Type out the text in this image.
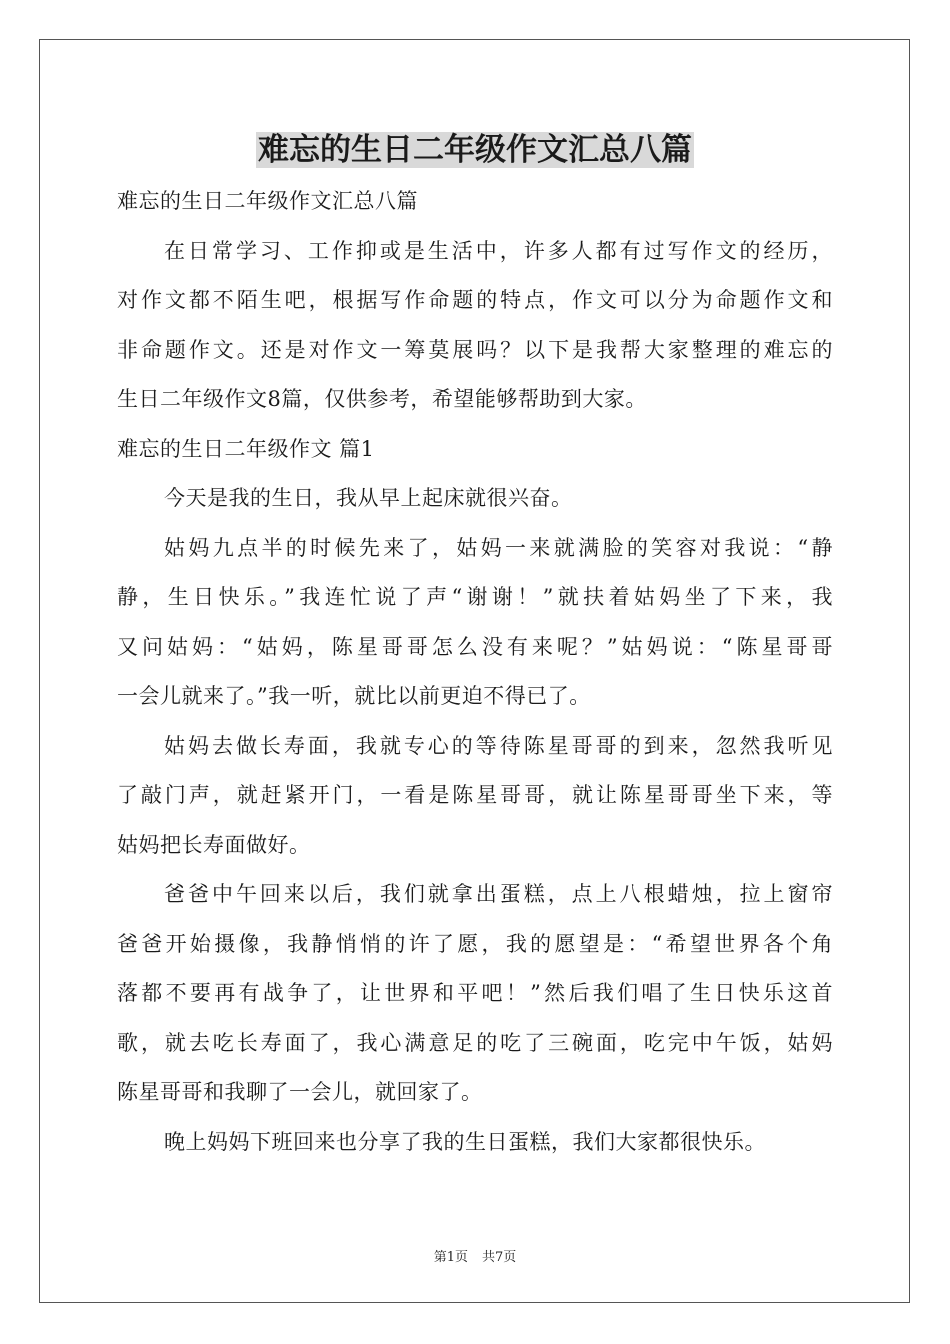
难忘的生日二年级作文汇总八篇

难忘的生日二年级作文汇总八篇

在日常学习、工作抑或是生活中，许多人都有过写作文的经历，

对作文都不陌生吧，根据写作命题的特点，作文可以分为命题作文和

非命题作文。还是对作文一筹莫展吗？以下是我帮大家整理的难忘的

生日二年级作文8篇，仅供参考，希望能够帮助到大家。

难忘的生日二年级作文 篇1

今天是我的生日，我从早上起床就很兴奋。

姑妈九点半的时候先来了，姑妈一来就满脸的笑容对我说：“静

静，生日快乐。”我连忙说了声“谢谢！”就扶着姑妈坐了下来，我

又问姑妈：“姑妈，陈星哥哥怎么没有来呢？”姑妈说：“陈星哥哥

一会儿就来了。”我一听，就比以前更迫不得已了。

姑妈去做长寿面，我就专心的等待陈星哥哥的到来，忽然我听见

了敲门声，就赶紧开门，一看是陈星哥哥，就让陈星哥哥坐下来，等

姑妈把长寿面做好。

爸爸中午回来以后，我们就拿出蛋糕，点上八根蜡烛，拉上窗帘

爸爸开始摄像，我静悄悄的许了愿，我的愿望是：“希望世界各个角

落都不要再有战争了，让世界和平吧！”然后我们唱了生日快乐这首

歌，就去吃长寿面了，我心满意足的吃了三碗面，吃完中午饭，姑妈

陈星哥哥和我聊了一会儿，就回家了。

晚上妈妈下班回来也分享了我的生日蛋糕，我们大家都很快乐。

第1页 共7页
